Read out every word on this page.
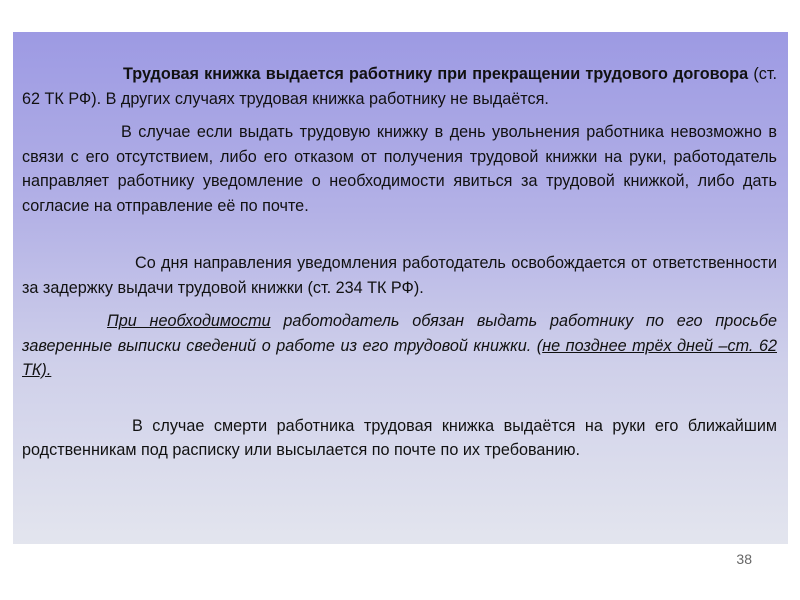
Трудовая книжка выдается работнику при прекращении трудового договора (ст. 62 ТК РФ). В других случаях трудовая книжка работнику не выдаётся.

В случае если выдать трудовую книжку в день увольнения работника невозможно в связи с его отсутствием, либо его отказом от получения трудовой книжки на руки, работодатель направляет работнику уведомление о необходимости явиться за трудовой книжкой, либо дать согласие на отправление её по почте.

Со дня направления уведомления работодатель освобождается от ответственности за задержку выдачи трудовой книжки (ст. 234 ТК РФ).

При необходимости работодатель обязан выдать работнику по его просьбе заверенные выписки сведений о работе из его трудовой книжки. (не позднее трёх дней –ст. 62 ТК).

В случае смерти работника трудовая книжка выдаётся на руки его ближайшим родственникам под расписку или высылается по почте по их требованию.

38
